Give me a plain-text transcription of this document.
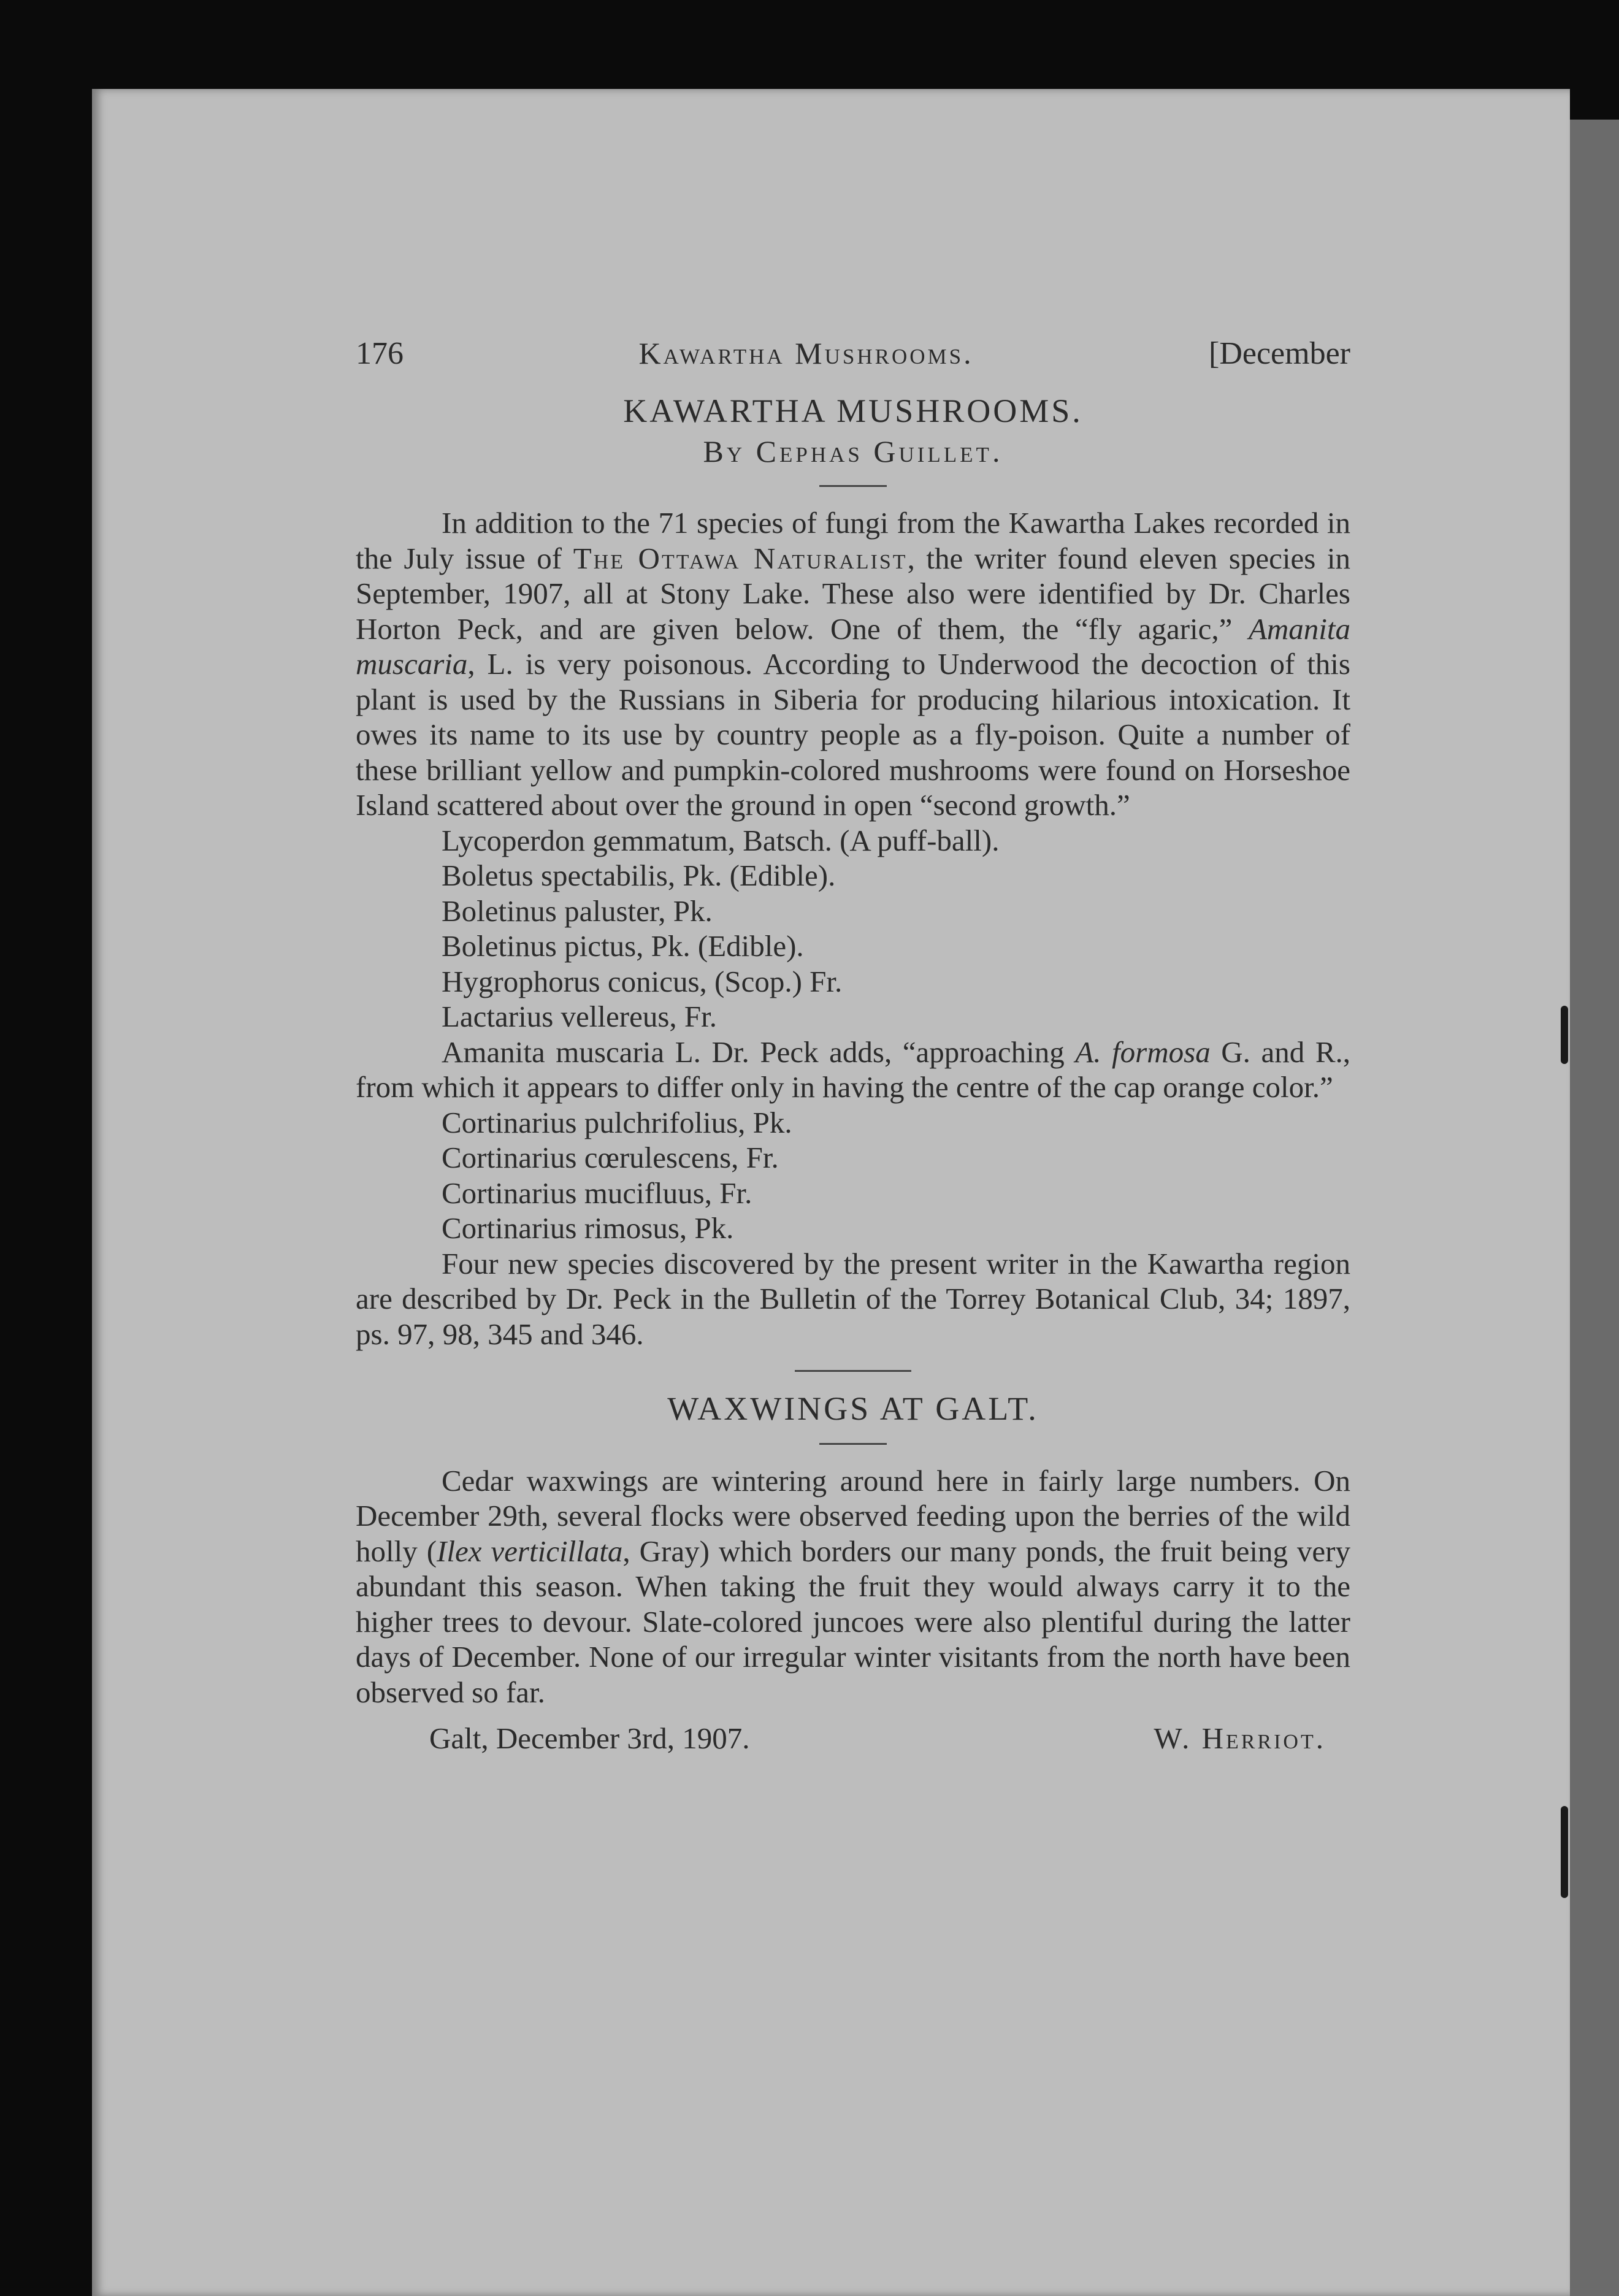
176	Kawartha Mushrooms.	[December
KAWARTHA MUSHROOMS.
By Cephas Guillet.

In addition to the 71 species of fungi from the Kawartha Lakes recorded in the July issue of The Ottawa Naturalist, the writer found eleven species in September, 1907, all at Stony Lake. These also were identified by Dr. Charles Horton Peck, and are given below. One of them, the “fly agaric,” Amanita muscaria, L. is very poisonous. According to Underwood the decoction of this plant is used by the Russians in Siberia for producing hilarious intoxication. It owes its name to its use by country people as a fly-poison. Quite a number of these brilliant yellow and pumpkin-colored mushrooms were found on Horseshoe Island scattered about over the ground in open “second growth.”

Lycoperdon gemmatum, Batsch. (A puff-ball).
Boletus spectabilis, Pk. (Edible).
Boletinus paluster, Pk.
Boletinus pictus, Pk. (Edible).
Hygrophorus conicus, (Scop.) Fr.
Lactarius vellereus, Fr.

Amanita muscaria L. Dr. Peck adds, “approaching A. formosa G. and R., from which it appears to differ only in having the centre of the cap orange color.”

Cortinarius pulchrifolius, Pk.
Cortinarius cœrulescens, Fr.
Cortinarius mucifluus, Fr.
Cortinarius rimosus, Pk.

Four new species discovered by the present writer in the Kawartha region are described by Dr. Peck in the Bulletin of the Torrey Botanical Club, 34; 1897, ps. 97, 98, 345 and 346.

WAXWINGS AT GALT.

Cedar waxwings are wintering around here in fairly large numbers. On December 29th, several flocks were observed feeding upon the berries of the wild holly (Ilex verticillata, Gray) which borders our many ponds, the fruit being very abundant this season. When taking the fruit they would always carry it to the higher trees to devour. Slate-colored juncoes were also plentiful during the latter days of December. None of our irregular winter visitants from the north have been observed so far.

Galt, December 3rd, 1907.	W. Herriot.
